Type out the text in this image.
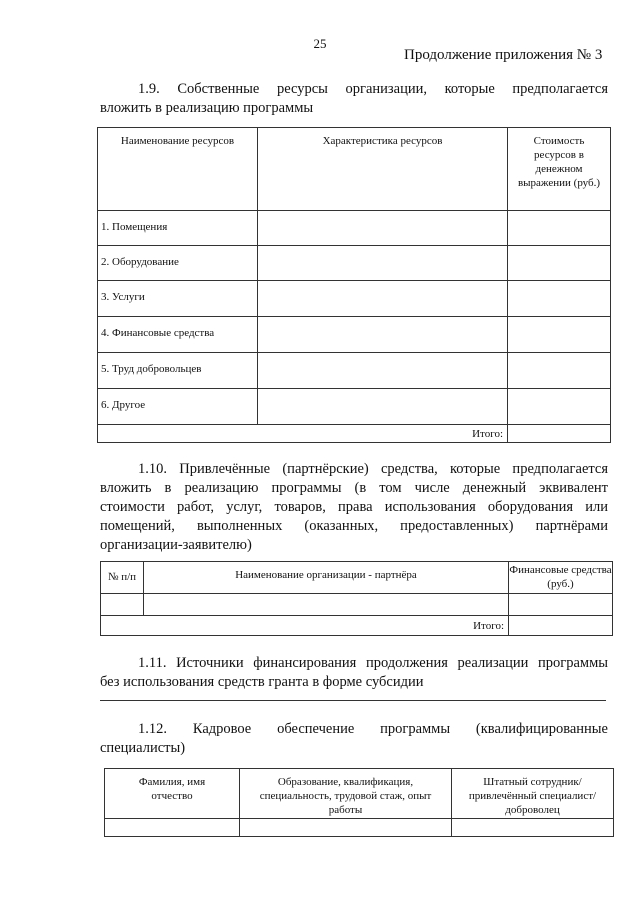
25
Продолжение приложения № 3
1.9. Собственные ресурсы организации, которые предполагается
вложить в реализацию программы
Наименование ресурсов	Характеристика ресурсов	Стоимость ресурсов в денежном выражении (руб.)
1. Помещения		
2. Оборудование		
3. Услуги		
4. Финансовые средства		
5. Труд добровольцев		
6. Другое		
Итого:		
1.10. Привлечённые (партнёрские) средства, которые предполагается
вложить в реализацию программы (в том числе денежный эквивалент
стоимости работ, услуг, товаров, права использования оборудования или
помещений, выполненных (оказанных, предоставленных) партнёрами
организации-заявителю)
№ п/п	Наименование организации - партнёра	Финансовые средства (руб.)

Итого:		
1.11. Источники финансирования продолжения реализации программы
без использования средств гранта в форме субсидии
1.12. Кадровое обеспечение программы (квалифицированные
специалисты)
Фамилия, имя отчество	Образование, квалификация, специальность, трудовой стаж, опыт работы	Штатный сотрудник/ привлечённый специалист/ доброволец
